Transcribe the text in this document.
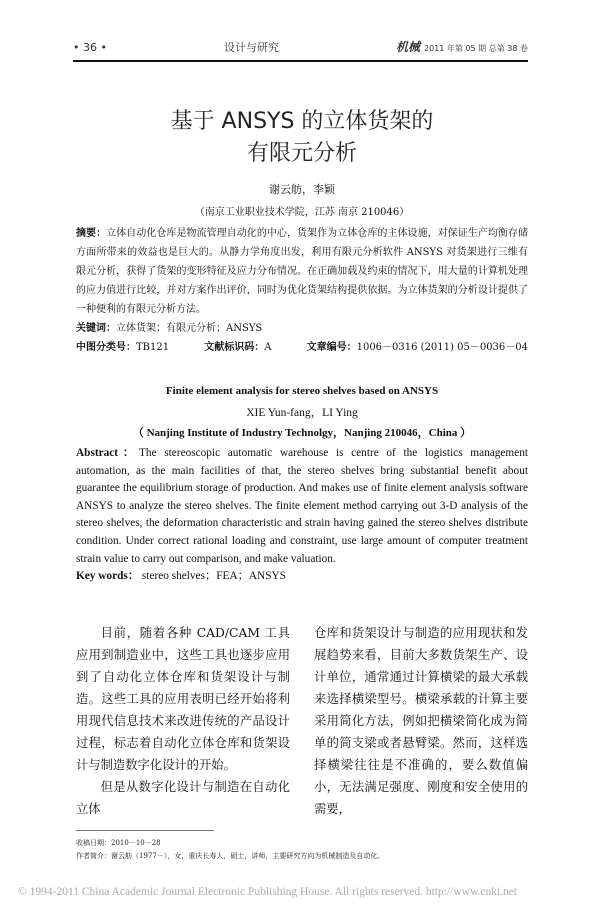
• 36 •	设计与研究	机械 2011 年第 05 期 总第 38 卷
基于 ANSYS 的立体货架的
有限元分析
谢云舫，李颖
（南京工业职业技术学院，江苏 南京 210046）
摘要：立体自动化仓库是物流管理自动化的中心，货架作为立体仓库的主体设施，对保证生产均衡存储方面所带来的效益也是巨大的。从静力学角度出发，利用有限元分析软件 ANSYS 对货架进行三维有限元分析，获得了货架的变形特征及应力分布情况。在正确加载及约束的情况下，用大量的计算机处理的应力值进行比较，并对方案作出评价，同时为优化货架结构提供依据。为立体货架的分析设计提供了一种便利的有限元分析方法。
关键词：立体货架；有限元分析；ANSYS
中图分类号：TB121	文献标识码：A	文章编号：1006－0316 (2011) 05－0036－04
Finite element analysis for stereo shelves based on ANSYS
XIE Yun-fang，LI Ying
（ Nanjing Institute of Industry Technolgy，Nanjing 210046，China ）
Abstract：The stereoscopic automatic warehouse is centre of the logistics management automation, as the main facilities of that, the stereo shelves bring substantial benefit about guarantee the equilibrium storage of production. And makes use of finite element analysis software ANSYS to analyze the stereo shelves. The finite element method carrying out 3-D analysis of the stereo shelves, the deformation characteristic and strain having gained the stereo shelves distribute condition. Under correct rational loading and constraint, use large amount of computer treatment strain value to carry out comparison, and make valuation.
Key words： stereo shelves；FEA；ANSYS

目前，随着各种 CAD/CAM 工具应用到制造业中，这些工具也逐步应用到了自动化立体仓库和货架设计与制造。这些工具的应用表明已经开始将利用现代信息技术来改进传统的产品设计过程，标志着自动化立体仓库和货架设计与制造数字化设计的开始。

但是从数字化设计与制造在自动化立体

仓库和货架设计与制造的应用现状和发展趋势来看，目前大多数货架生产、设计单位，通常通过计算横梁的最大承载来选择横梁型号。横梁承载的计算主要采用简化方法，例如把横梁简化成为简单的简支梁或者悬臂梁。然而，这样选择横梁往往是不准确的，要么数值偏小，无法满足强度、刚度和安全使用的需要，

收稿日期：2010－10－28
作者简介：谢云舫（1977－），女，重庆长寿人，硕士，讲师，主要研究方向为机械制造及自动化。
© 1994-2011 China Academic Journal Electronic Publishing House. All rights reserved. http://www.cnki.net
